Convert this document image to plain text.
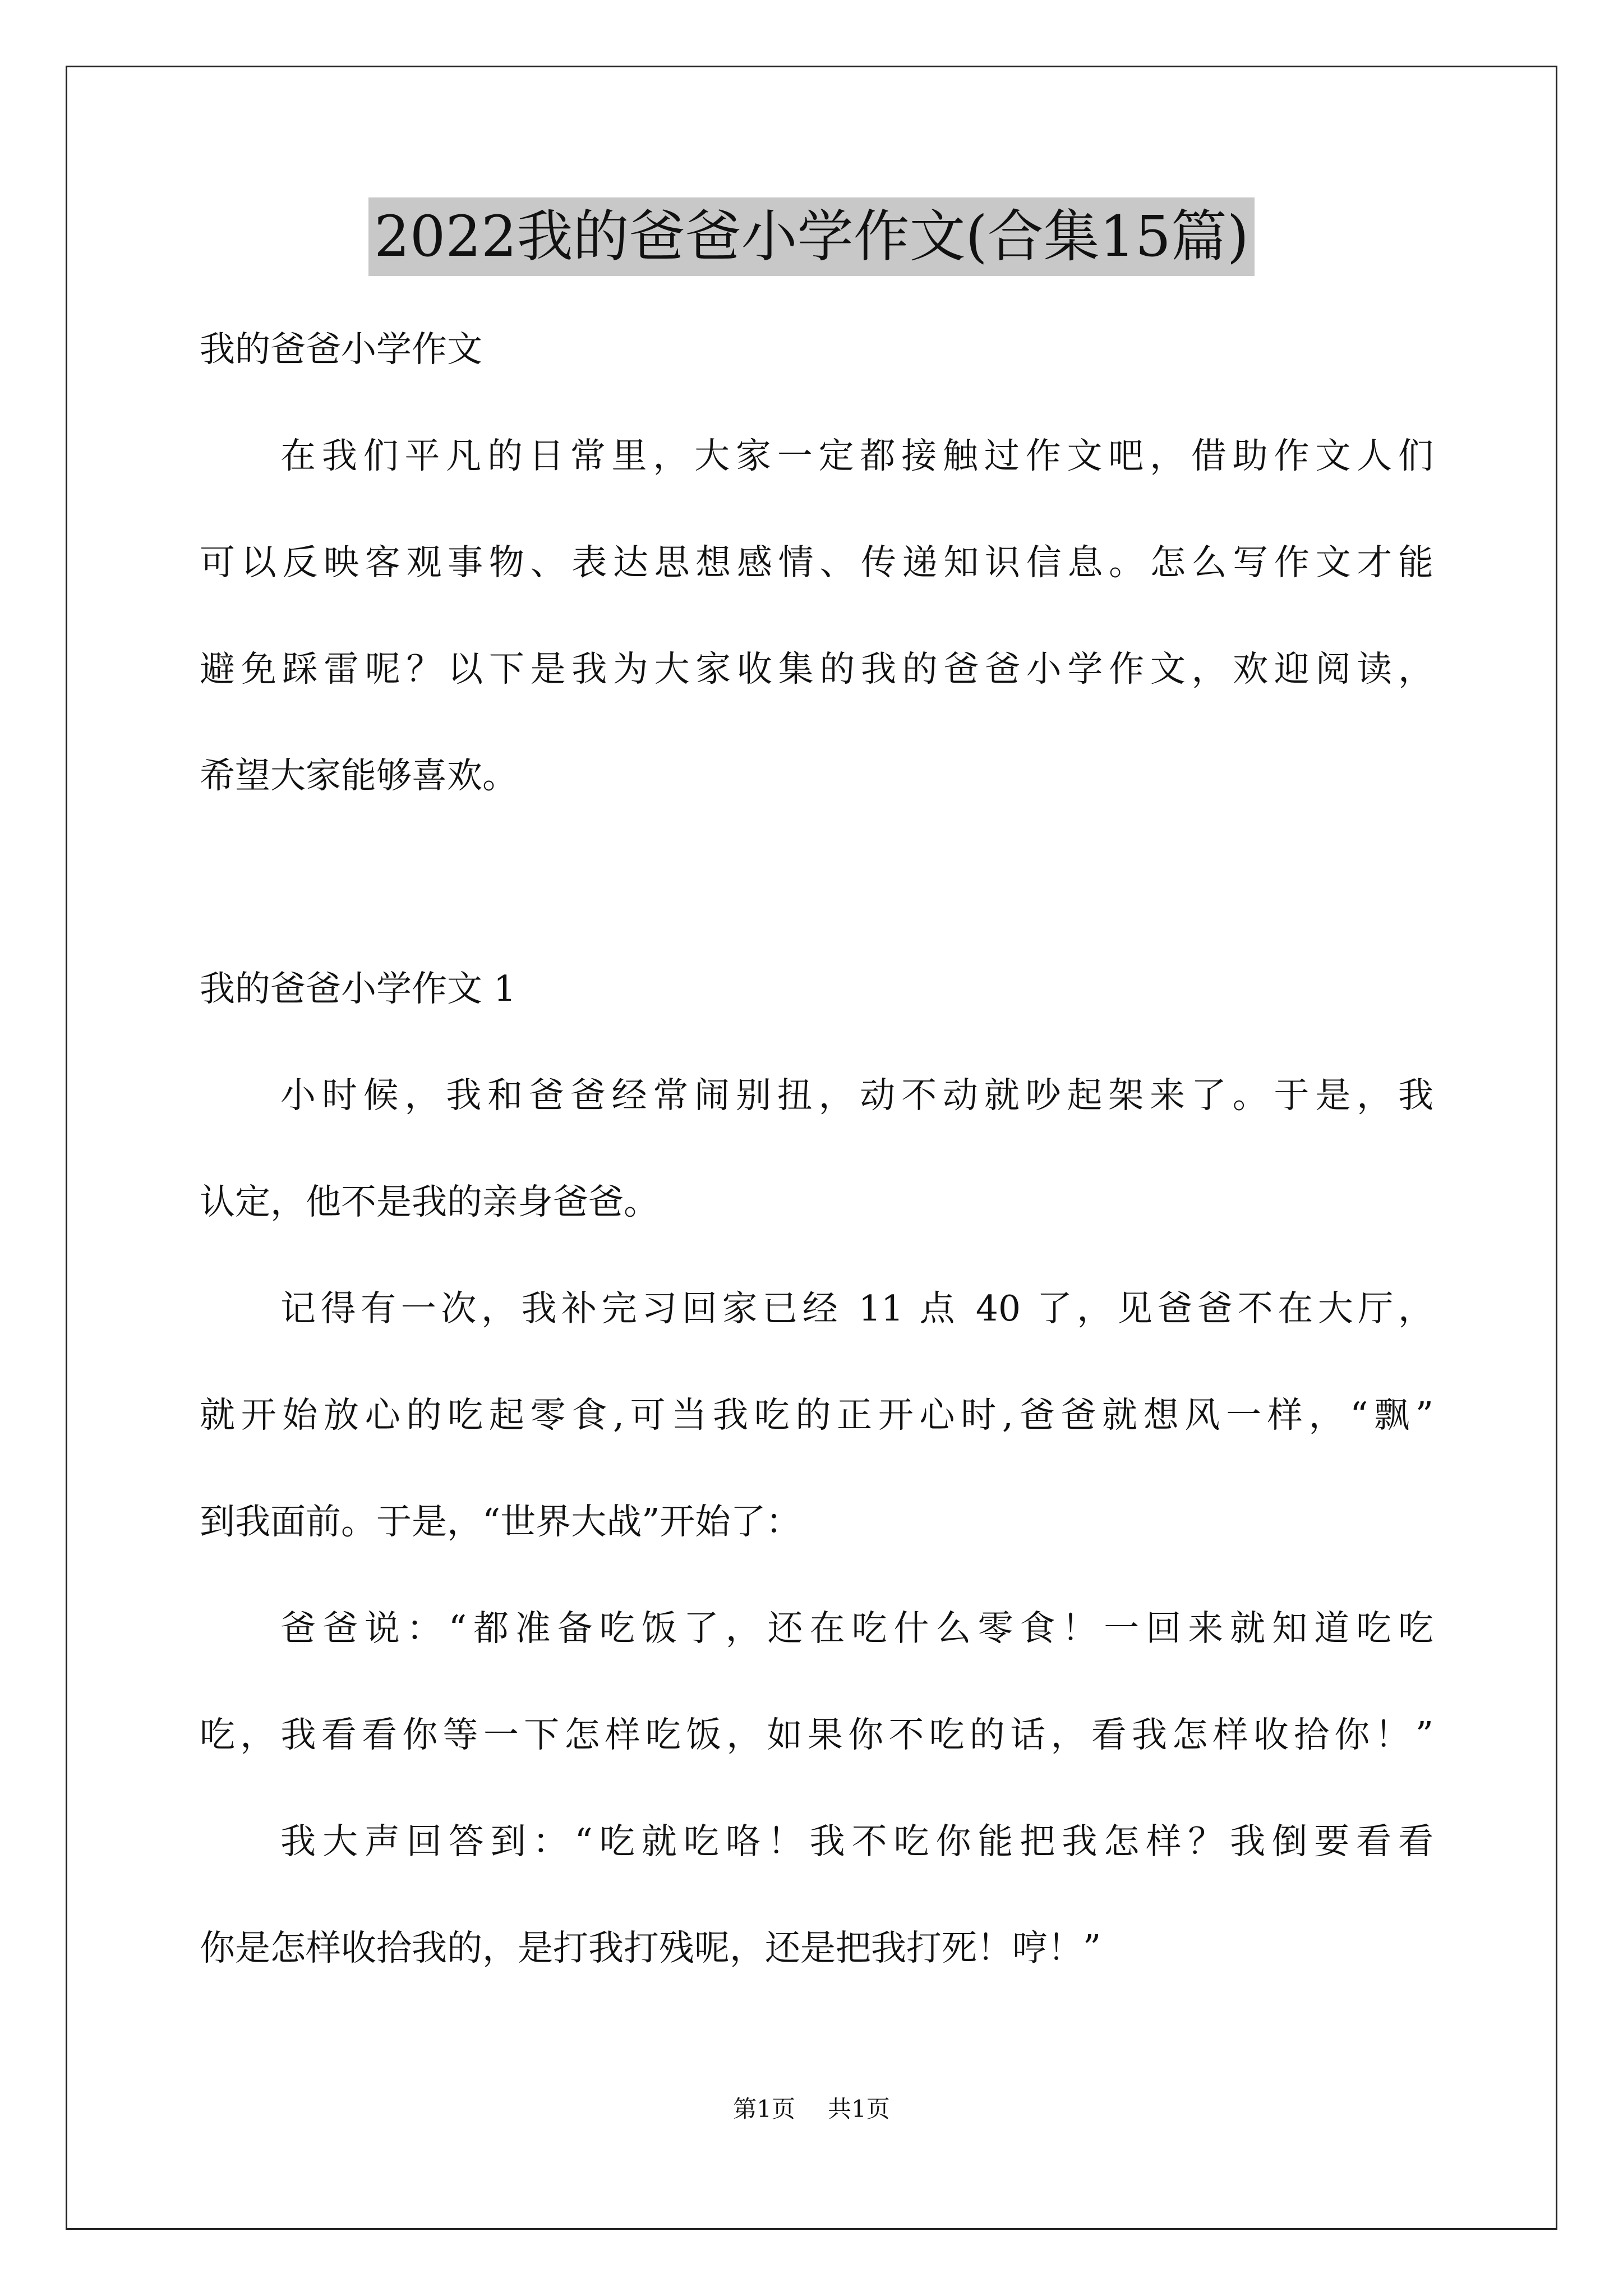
2022我的爸爸小学作文(合集15篇)

我的爸爸小学作文

在我们平凡的日常里，大家一定都接触过作文吧，借助作文人们

可以反映客观事物、表达思想感情、传递知识信息。怎么写作文才能

避免踩雷呢？以下是我为大家收集的我的爸爸小学作文，欢迎阅读，

希望大家能够喜欢。

我的爸爸小学作文 1

小时候，我和爸爸经常闹别扭，动不动就吵起架来了。于是，我

认定，他不是我的亲身爸爸。

记得有一次，我补完习回家已经 11 点 40 了，见爸爸不在大厅，

就开始放心的吃起零食,可当我吃的正开心时,爸爸就想风一样，“飘”

到我面前。于是，“世界大战”开始了：

爸爸说：“都准备吃饭了，还在吃什么零食！一回来就知道吃吃

吃，我看看你等一下怎样吃饭，如果你不吃的话，看我怎样收拾你！”

我大声回答到：“吃就吃咯！我不吃你能把我怎样？我倒要看看

你是怎样收拾我的，是打我打残呢，还是把我打死！哼！”

第1页 共1页
